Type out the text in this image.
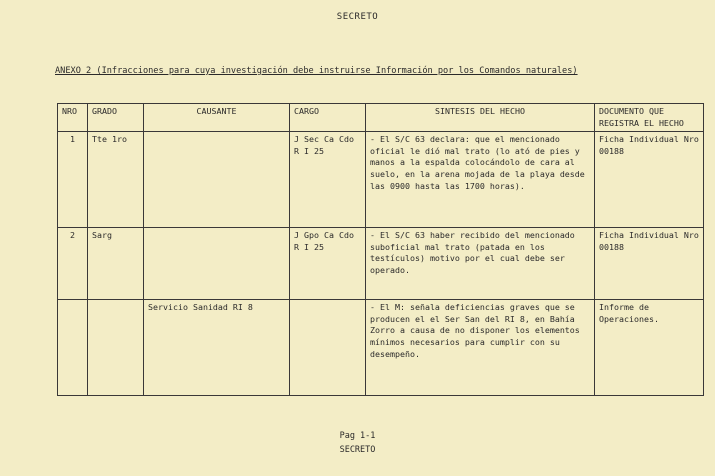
SECRETO
ANEXO 2 (Infracciones para cuya investigación debe instruirse Información por los Comandos naturales)
NRO	GRADO	CAUSANTE	CARGO	SINTESIS DEL HECHO	DOCUMENTO QUE REGISTRA EL HECHO
1	Tte 1ro		J Sec Ca Cdo R I 25	- El S/C 63 declara: que el mencionado oficial le dió mal trato (lo ató de pies y manos a la espalda colocándolo de cara al suelo, en la arena mojada de la playa desde las 0900 hasta las 1700 horas).	Ficha Individual Nro 00188
2	Sarg		J Gpo Ca Cdo R I 25	- El S/C 63 haber recibido del mencionado suboficial mal trato (patada en los testículos) motivo por el cual debe ser operado.	Ficha Individual Nro 00188
		Servicio Sanidad RI 8		- El M: señala deficiencias graves que se producen el el Ser San del RI 8, en Bahía Zorro a causa de no disponer los elementos mínimos necesarios para cumplir con su desempeño.	Informe de Operaciones.
Pag 1-1
SECRETO
